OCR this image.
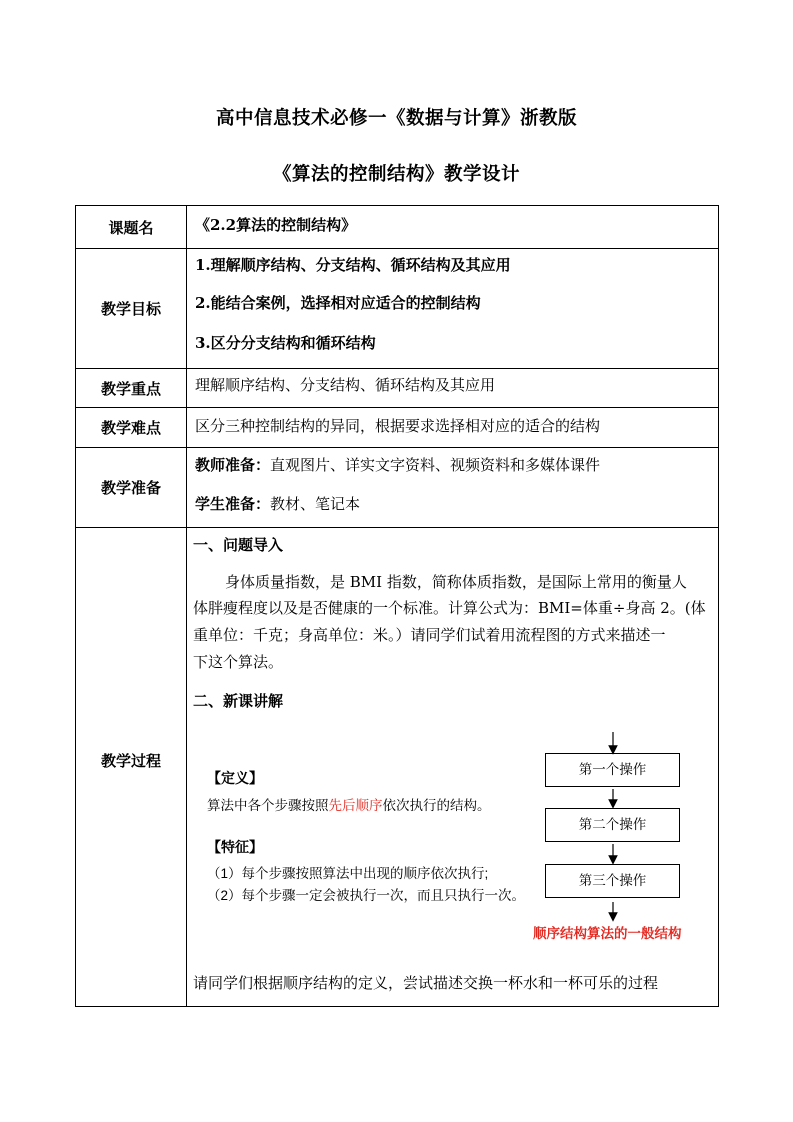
高中信息技术必修一《数据与计算》浙教版
《算法的控制结构》教学设计
课题名	《2.2算法的控制结构》
教学目标	1.理解顺序结构、分支结构、循环结构及其应用
2.能结合案例，选择相对应适合的控制结构
3.区分分支结构和循环结构

教学重点	理解顺序结构、分支结构、循环结构及其应用
教学难点	区分三种控制结构的异同，根据要求选择相对应的适合的结构
教学准备	教师准备：直观图片、详实文字资料、视频资料和多媒体课件
学生准备：教材、笔记本

教学过程	

一、问题导入
身体质量指数，是 BMI 指数，简称体质指数，是国际上常用的衡量人
体胖瘦程度以及是否健康的一个标准。计算公式为：BMI=体重÷身高 2。(体
重单位：千克；身高单位：米。）请同学们试着用流程图的方式来描述一
下这个算法。
二、新课讲解
【定义】
算法中各个步骤按照先后顺序依次执行的结构。
【特征】
（1）每个步骤按照算法中出现的顺序依次执行;
（2）每个步骤一定会被执行一次，而且只执行一次。
第一个操作
第二个操作
第三个操作
顺序结构算法的一般结构
请同学们根据顺序结构的定义，尝试描述交换一杯水和一杯可乐的过程
